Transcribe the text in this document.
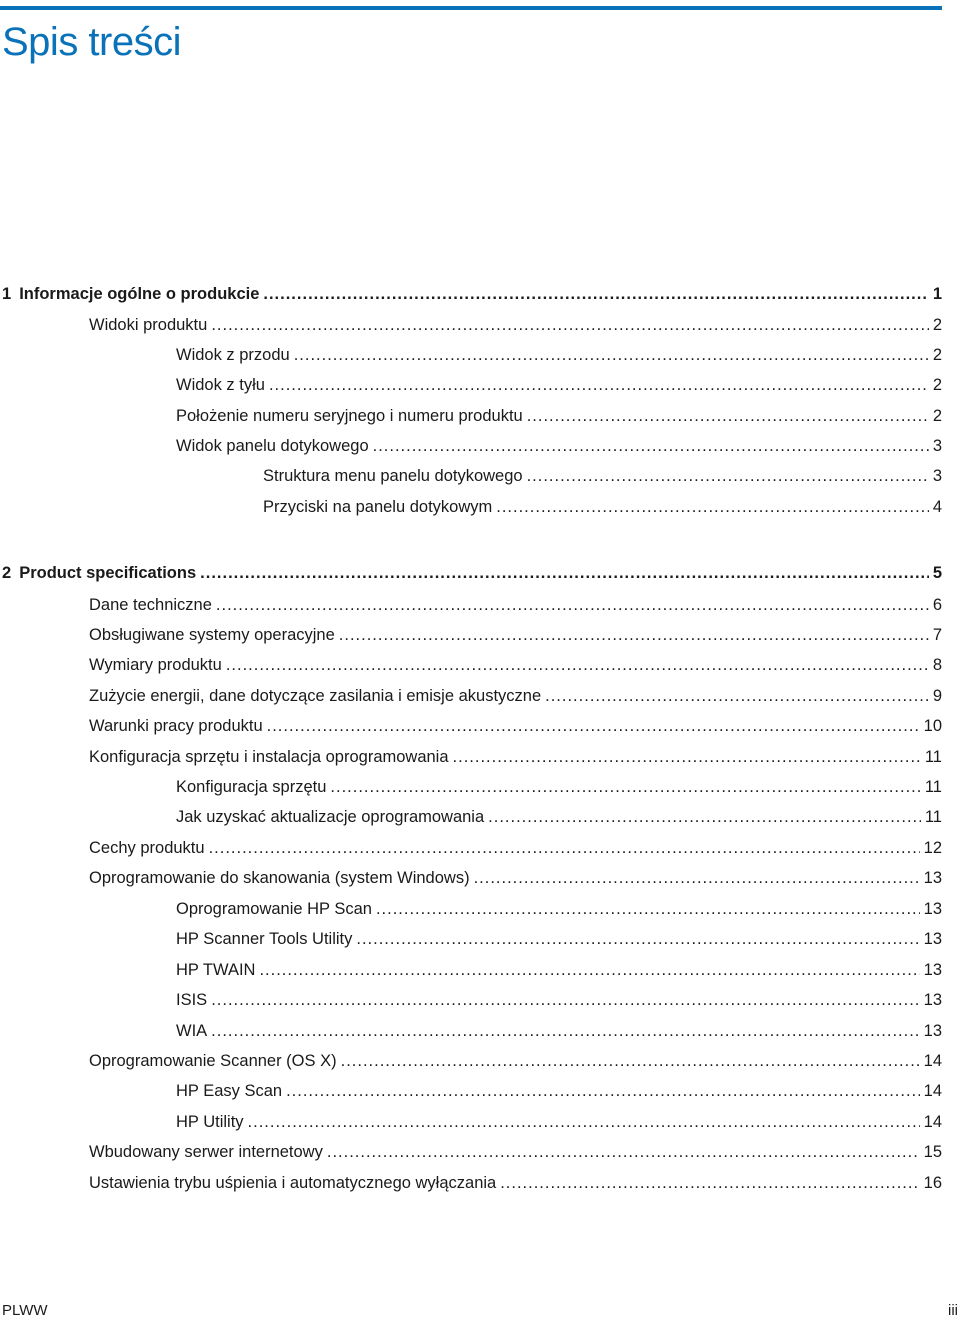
Spis treści
1 Informacje ogólne o produkcie .....	1
Widoki produktu .....	2
Widok z przodu .....	2
Widok z tyłu .....	2
Położenie numeru seryjnego i numeru produktu .....	2
Widok panelu dotykowego .....	3
Struktura menu panelu dotykowego .....	3
Przyciski na panelu dotykowym .....	4
2 Product specifications .....	5
Dane techniczne .....	6
Obsługiwane systemy operacyjne .....	7
Wymiary produktu .....	8
Zużycie energii, dane dotyczące zasilania i emisje akustyczne .....	9
Warunki pracy produktu .....	10
Konfiguracja sprzętu i instalacja oprogramowania .....	11
Konfiguracja sprzętu .....	11
Jak uzyskać aktualizacje oprogramowania .....	11
Cechy produktu .....	12
Oprogramowanie do skanowania (system Windows) .....	13
Oprogramowanie HP Scan .....	13
HP Scanner Tools Utility .....	13
HP TWAIN .....	13
ISIS .....	13
WIA .....	13
Oprogramowanie Scanner (OS X) .....	14
HP Easy Scan .....	14
HP Utility .....	14
Wbudowany serwer internetowy .....	15
Ustawienia trybu uśpienia i automatycznego wyłączania .....	16
PLWW	iii
